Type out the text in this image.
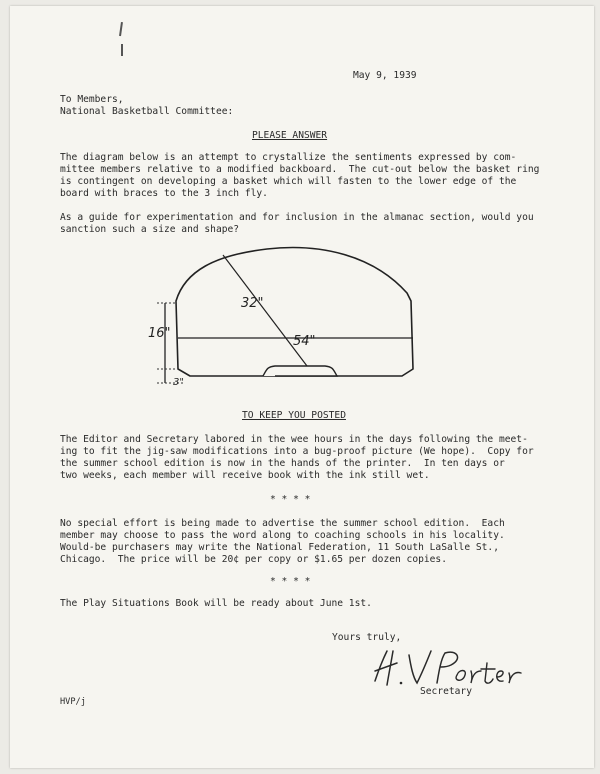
May 9, 1939
To Members,
National Basketball Committee:
PLEASE ANSWER
The diagram below is an attempt to crystallize the sentiments expressed by com-
mittee members relative to a modified backboard.  The cut-out below the basket ring
is contingent on developing a basket which will fasten to the lower edge of the
board with braces to the 3 inch fly.
As a guide for experimentation and for inclusion in the almanac section, would you
sanction such a size and shape?
32"
54"
16"
3"
TO KEEP YOU POSTED
The Editor and Secretary labored in the wee hours in the days following the meet-
ing to fit the jig-saw modifications into a bug-proof picture (We hope).  Copy for
the summer school edition is now in the hands of the printer.  In ten days or
two weeks, each member will receive book with the ink still wet.
* * * *
No special effort is being made to advertise the summer school edition.  Each
member may choose to pass the word along to coaching schools in his locality.
Would-be purchasers may write the National Federation, 11 South LaSalle St.,
Chicago.  The price will be 20¢ per copy or $1.65 per dozen copies.
* * * *
The Play Situations Book will be ready about June 1st.
Yours truly,
Secretary
HVP/j
